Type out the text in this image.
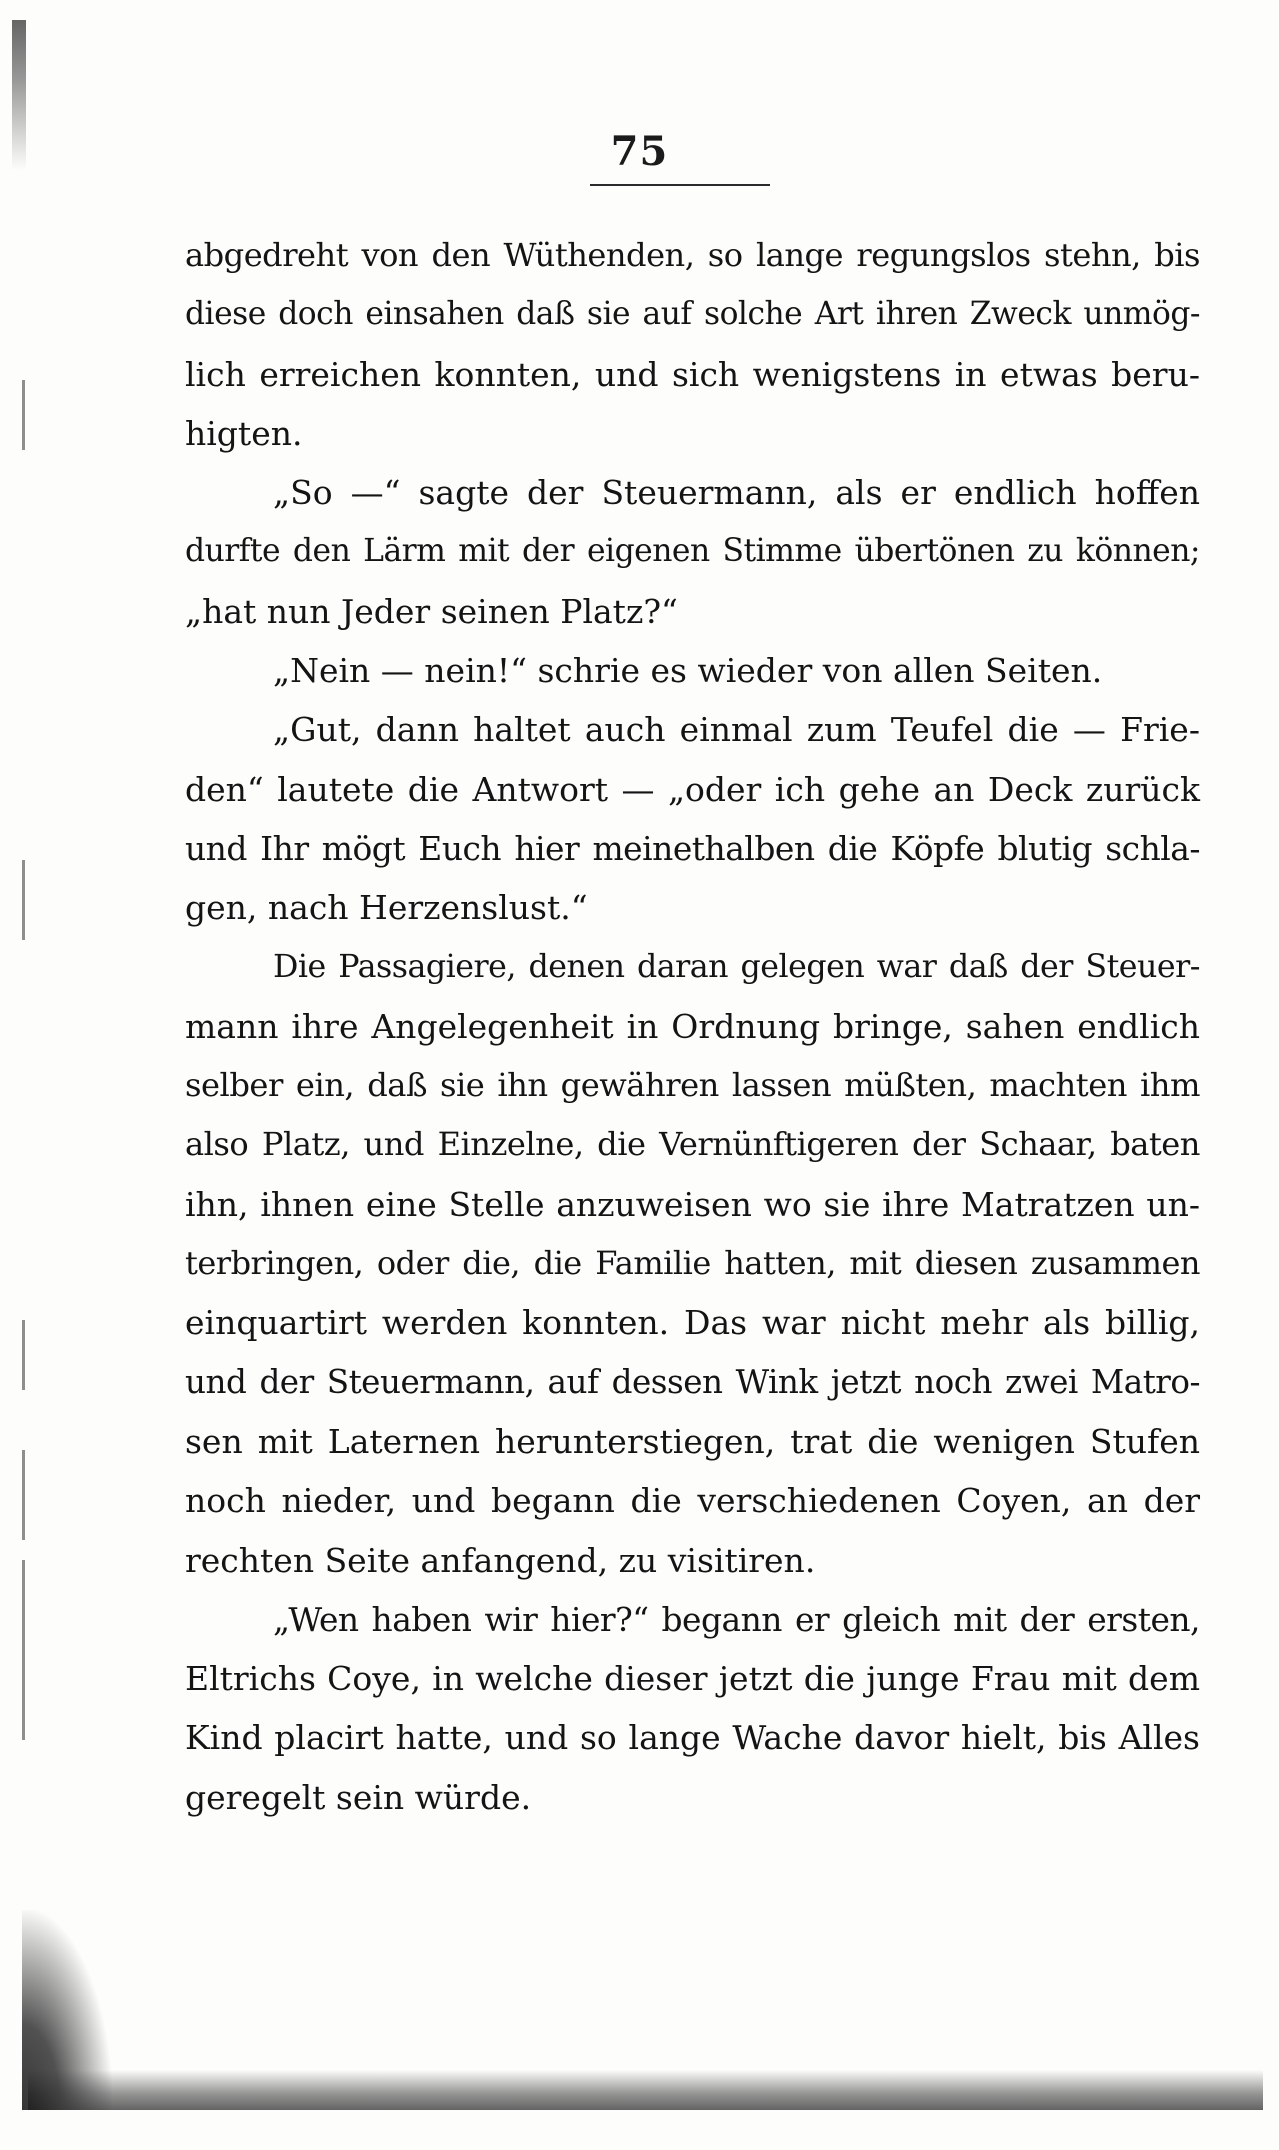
75
abgedreht von den Wüthenden, so lange regungslos stehn, bis
diese doch einsahen daß sie auf solche Art ihren Zweck unmög-
lich erreichen konnten, und sich wenigstens in etwas beru-
higten.
„So —“ sagte der Steuermann, als er endlich hoffen
durfte den Lärm mit der eigenen Stimme übertönen zu können;
„hat nun Jeder seinen Platz?“
„Nein — nein!“ schrie es wieder von allen Seiten.
„Gut, dann haltet auch einmal zum Teufel die — Frie-
den“ lautete die Antwort — „oder ich gehe an Deck zurück
und Ihr mögt Euch hier meinethalben die Köpfe blutig schla-
gen, nach Herzenslust.“
Die Passagiere, denen daran gelegen war daß der Steuer-
mann ihre Angelegenheit in Ordnung bringe, sahen endlich
selber ein, daß sie ihn gewähren lassen müßten, machten ihm
also Platz, und Einzelne, die Vernünftigeren der Schaar, baten
ihn, ihnen eine Stelle anzuweisen wo sie ihre Matratzen un-
terbringen, oder die, die Familie hatten, mit diesen zusammen
einquartirt werden konnten. Das war nicht mehr als billig,
und der Steuermann, auf dessen Wink jetzt noch zwei Matro-
sen mit Laternen herunterstiegen, trat die wenigen Stufen
noch nieder, und begann die verschiedenen Coyen, an der
rechten Seite anfangend, zu visitiren.
„Wen haben wir hier?“ begann er gleich mit der ersten,
Eltrichs Coye, in welche dieser jetzt die junge Frau mit dem
Kind placirt hatte, und so lange Wache davor hielt, bis Alles
geregelt sein würde.
